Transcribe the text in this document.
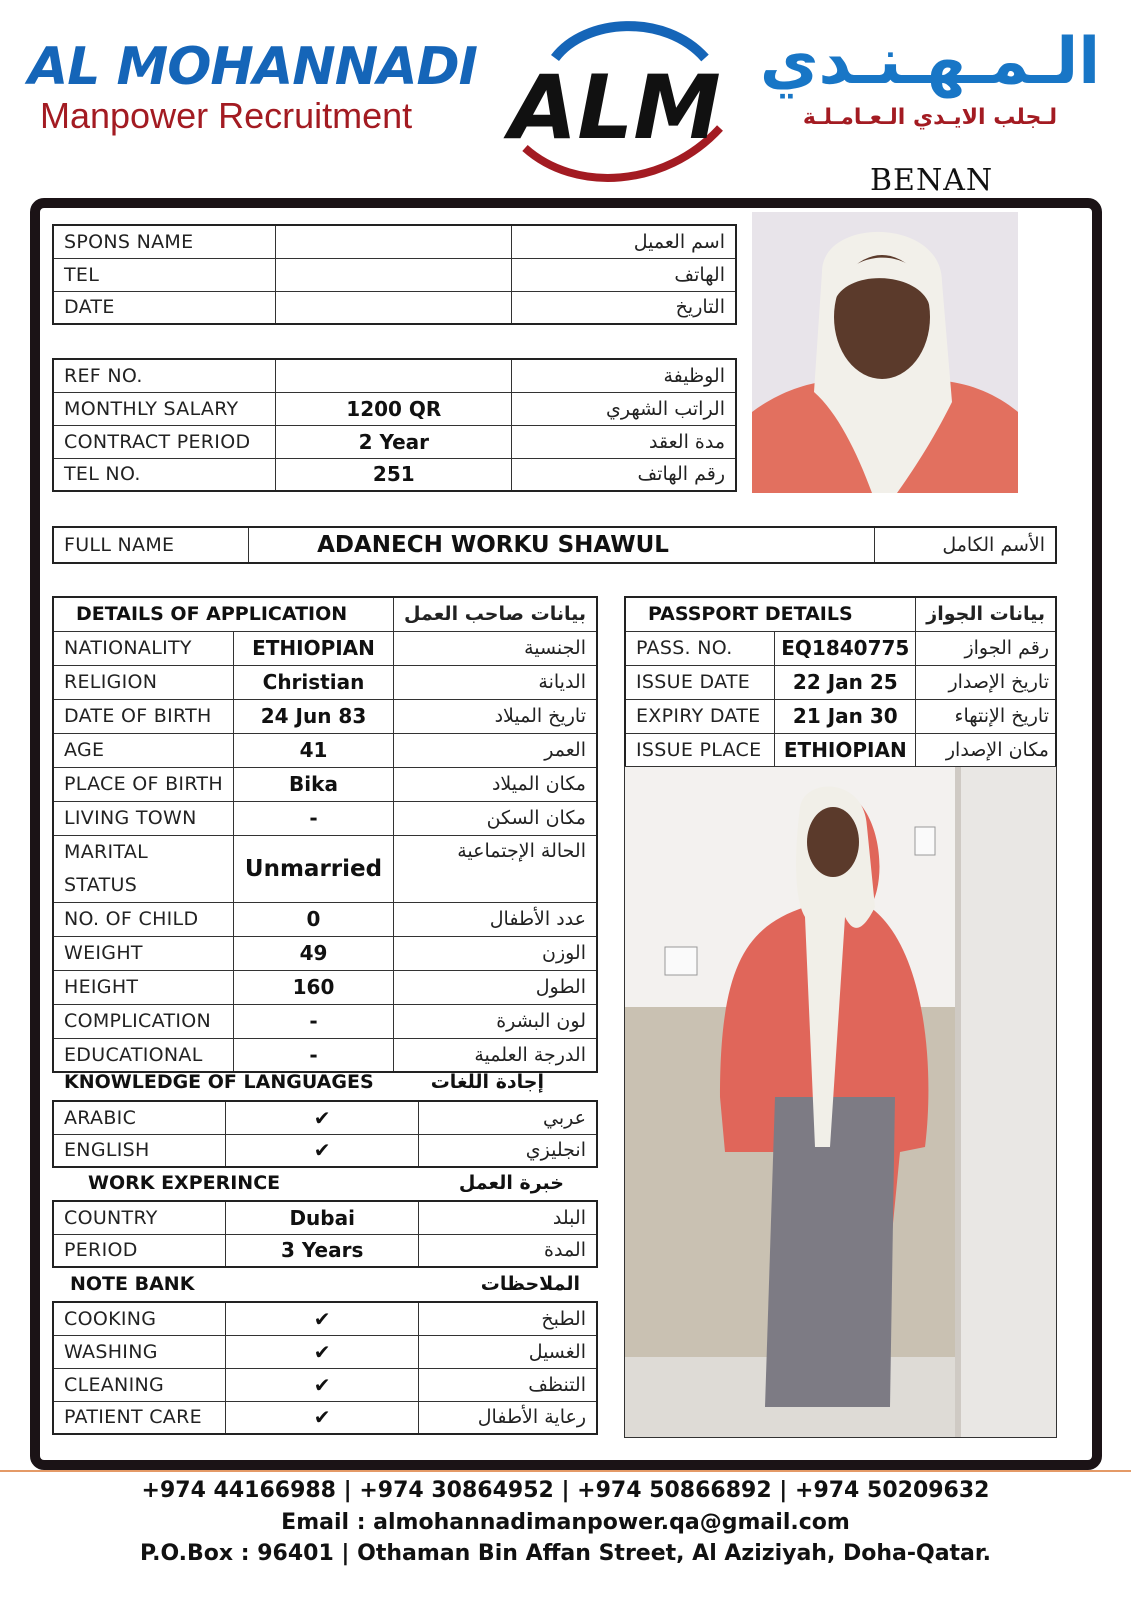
AL MOHANNADI
Manpower Recruitment	ALM الـمـهـنـدي
لـجلب الايـدي الـعـامـلـة
BENAN
SPONS NAME		اسم العميل
TEL		الهاتف
DATE		التاريخ
REF NO.		الوظيفة
MONTHLY SALARY	1200 QR	الراتب الشهري
CONTRACT PERIOD	2 Year	مدة العقد
TEL NO.	251	رقم الهاتف
FULL NAME	ADANECH WORKU SHAWUL	الأسم الكامل
DETAILS OF APPLICATION		بيانات صاحب العمل
NATIONALITY	ETHIOPIAN	الجنسية
RELIGION	Christian	الديانة
DATE OF BIRTH	24 Jun 83	تاريخ الميلاد
AGE	41	العمر
PLACE OF BIRTH	Bika	مكان الميلاد
LIVING TOWN	-	مكان السكن

MARITAL
STATUS	Unmarried	الحالة الإجتماعية
NO. OF CHILD	0	عدد الأطفال
WEIGHT	49	الوزن
HEIGHT	160	الطول
COMPLICATION	-	لون البشرة
EDUCATIONAL	-	الدرجة العلمية
KNOWLEDGE OF LANGUAGES	إجادة اللغات
ARABIC	✔	عربي
ENGLISH	✔	انجليزي
WORK EXPERINCE	خبرة العمل
COUNTRY	Dubai	البلد
PERIOD	3 Years	المدة
NOTE BANK	الملاحظات
COOKING	✔	الطبخ
WASHING	✔	الغسيل
CLEANING	✔	التنظف
PATIENT CARE	✔	رعاية الأطفال
PASSPORT DETAILS		بيانات الجواز
PASS. NO.	EQ1840775	رقم الجواز
ISSUE DATE	22 Jan 25	تاريخ الإصدار
EXPIRY DATE	21 Jan 30	تاريخ الإنتهاء
ISSUE PLACE	ETHIOPIAN	مكان الإصدار
+974 44166988 | +974 30864952 | +974 50866892 | +974 50209632
Email : almohannadimanpower.qa@gmail.com
P.O.Box : 96401 | Othaman Bin Affan Street, Al Aziziyah, Doha-Qatar.
